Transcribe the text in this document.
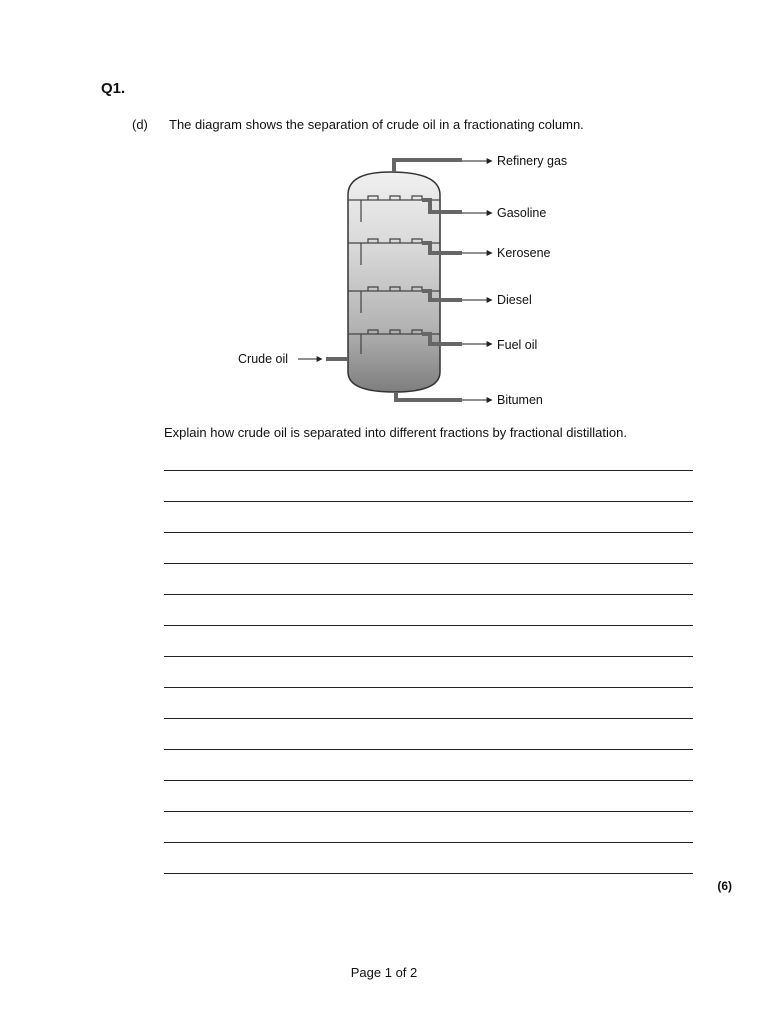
Q1.
(d) The diagram shows the separation of crude oil in a fractionating column.
Crude oil
Refinery gas
Gasoline
Kerosene
Diesel
Fuel oil
Bitumen
Explain how crude oil is separated into different fractions by fractional distillation.
(6)
Page 1 of 2
